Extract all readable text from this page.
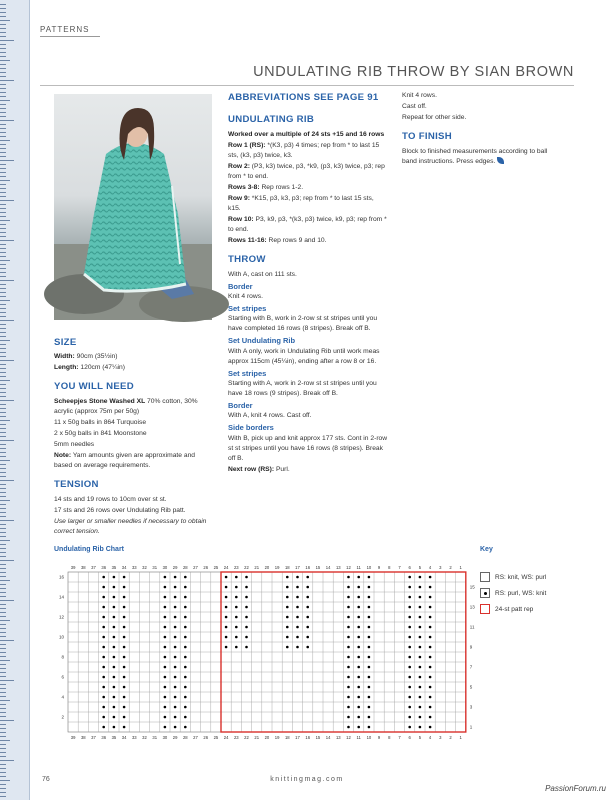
PATTERNS
UNDULATING RIB THROW BY SIAN BROWN
SIZE
Width: 90cm (35½in)
Length: 120cm (47¼in)
YOU WILL NEED
Scheepjes Stone Washed XL 70% cotton, 30% acrylic (approx 75m per 50g)
11 x 50g balls in 864 Turquoise
2 x 50g balls in 841 Moonstone
5mm needles
Note: Yarn amounts given are approximate and based on average requirements.
TENSION
14 sts and 19 rows to 10cm over st st.
17 sts and 26 rows over Undulating Rib patt.
Use larger or smaller needles if necessary to obtain correct tension.
ABBREVIATIONS SEE PAGE 91
UNDULATING RIB
Worked over a multiple of 24 sts +15 and 16 rows
Row 1 (RS): *(K3, p3) 4 times; rep from * to last 15 sts, (k3, p3) twice, k3.
Row 2: (P3, k3) twice, p3, *k9, (p3, k3) twice, p3; rep from * to end.
Rows 3-8: Rep rows 1-2.
Row 9: *K15, p3, k3, p3; rep from * to last 15 sts, k15.
Row 10: P3, k9, p3, *(k3, p3) twice, k9, p3; rep from * to end.
Rows 11-16: Rep rows 9 and 10.
THROW
With A, cast on 111 sts.
Border
Knit 4 rows.
Set stripes
Starting with B, work in 2-row st st stripes until you have completed 16 rows (8 stripes). Break off B.
Set Undulating Rib
With A only, work in Undulating Rib until work meas approx 115cm (45¼in), ending after a row 8 or 16.
Set stripes
Starting with A, work in 2-row st st stripes until you have 18 rows (9 stripes). Break off B.
Border
With A, knit 4 rows. Cast off.
Side borders
With B, pick up and knit approx 177 sts. Cont in 2-row st st stripes until you have 16 rows (8 stripes). Break off B.
Next row (RS): Purl.
Knit 4 rows.
Cast off.
Repeat for other side.
TO FINISH
Block to finished measurements according to ball band instructions. Press edges.
Undulating Rib Chart
39
39
38
38
37
37
36
36
35
35
34
34
33
33
32
32
31
31
30
30
29
29
28
28
27
27
26
26
25
25
24
24
23
23
22
22
21
21
20
20
19
19
18
18
17
17
16
16
15
15
14
14
13
13
12
12
11
11
10
10
9
9
8
8
7
7
6
6
5
5
4
4
3
3
2
2
1
1
2
4
6
8
10
12
14
16
1
3
5
7
9
11
13
15
Key
RS: knit, WS: purl
RS: purl, WS: knit
24-st patt rep
76	knittingmag.com
PassionForum.ru
